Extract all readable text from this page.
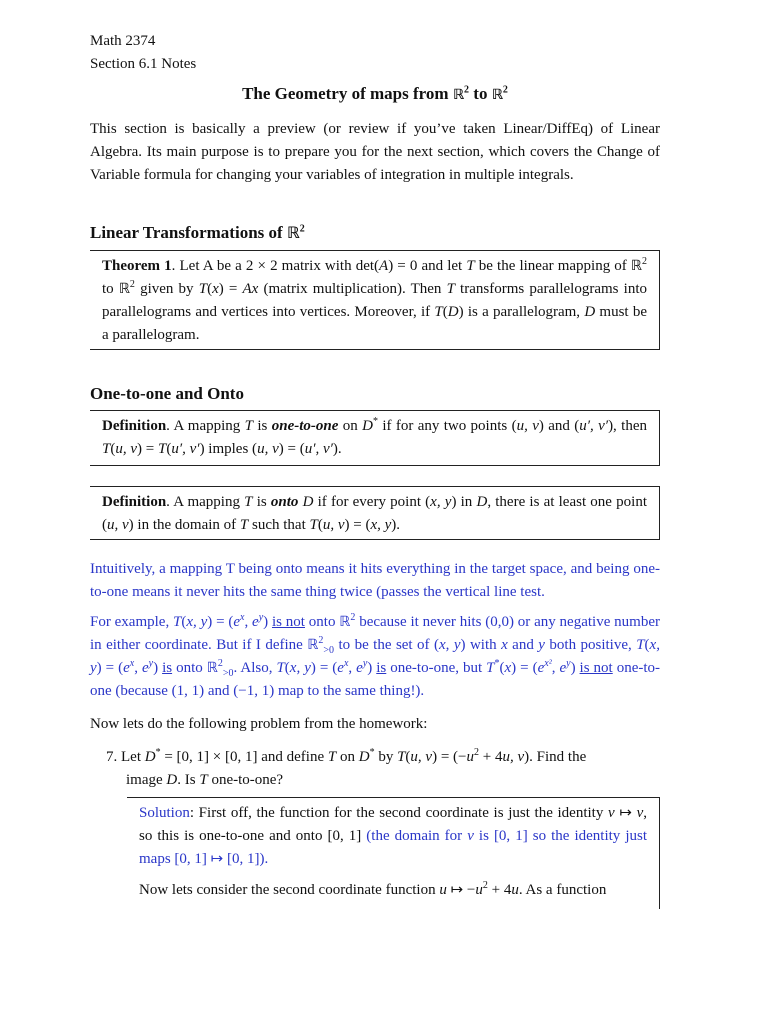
Math 2374
Section 6.1 Notes
The Geometry of maps from ℝ$^2$ to ℝ$^2$
This section is basically a preview (or review if you’ve taken Linear/DiffEq) of Linear Algebra. Its main purpose is to prepare you for the next section, which covers the Change of Variable formula for changing your variables of integration in multiple integrals.
Linear Transformations of ℝ$^2$
Theorem 1. Let A be a 2 × 2 matrix with det(A) = 0 and let T be the linear mapping of ℝ$^2$ to ℝ$^2$ given by T(x) = Ax (matrix multiplication). Then T transforms parallelograms into parallelograms and vertices into vertices. Moreover, if T(D) is a parallelogram, D must be a parallelogram.
One-to-one and Onto
Definition. A mapping T is one-to-one on D* if for any two points (u, v) and (u′, v′), then T(u, v) = T(u′, v′) imples (u, v) = (u′, v′).
Definition. A mapping T is onto D if for every point (x, y) in D, there is at least one point (u, v) in the domain of T such that T(u, v) = (x, y).
Intuitively, a mapping T being onto means it hits everything in the target space, and being one-to-one means it never hits the same thing twice (passes the vertical line test.
For example, T(x, $y) = (e^x$, $e^y$) is not onto ℝ$^2$ because it never hits (0,0) or any negative number in either coordinate. But if I define ℝ$^2_{>0}$ to be the set of (x, y) with x and y both positive, T(x, $y) = (e^x$, $e^y$) is onto ℝ$^2_{>0}$. Also, T(x, $y) = (e^x$, $e^y$) is one-to-one, but $T^*(x) = (e^{x^2}$, $e^y$) is not one-to-one (because (1, 1) and (−1, 1) map to the same thing!).
Now lets do the following problem from the homework:
7. Let D* = [0, 1] × [0, 1] and define T on D* by T(u, $v) = (-u^2 + 4u$, v). Find the
image D. Is T one-to-one?
Solution: First off, the function for the second coordinate is just the identity v ↦ v, so this is one-to-one and onto [0, 1] (the domain for v is [0, 1] so the identity just maps [0, 1] ↦ [0, 1]).
Now lets consider the second coordinate function u ↦ $-u^2 + 4u$. As a function
